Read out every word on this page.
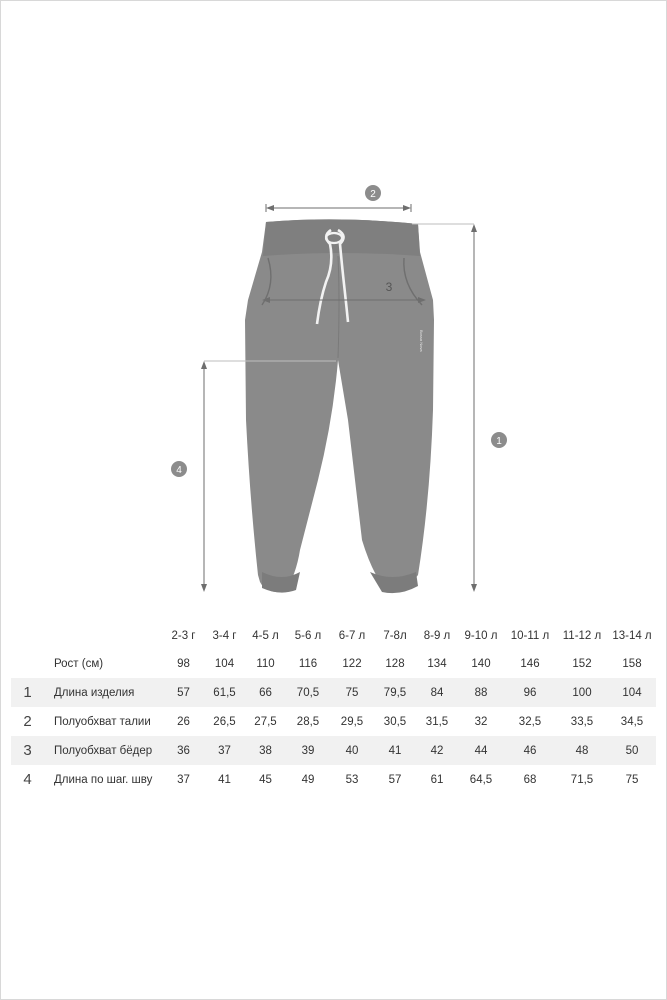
Bossa Nova
2
3
1
4
		2-3 г	3-4 г	4-5 л	5-6 л	6-7 л	7-8л	8-9 л	9-10 л	10-11 л	11-12 л	13-14 л
	Рост (см)	98	104	110	116	122	128	134	140	146	152	158
1	Длина изделия	57	61,5	66	70,5	75	79,5	84	88	96	100	104
2	Полуобхват талии	26	26,5	27,5	28,5	29,5	30,5	31,5	32	32,5	33,5	34,5
3	Полуобхват бёдер	36	37	38	39	40	41	42	44	46	48	50
4	Длина по шаг. шву	37	41	45	49	53	57	61	64,5	68	71,5	75
